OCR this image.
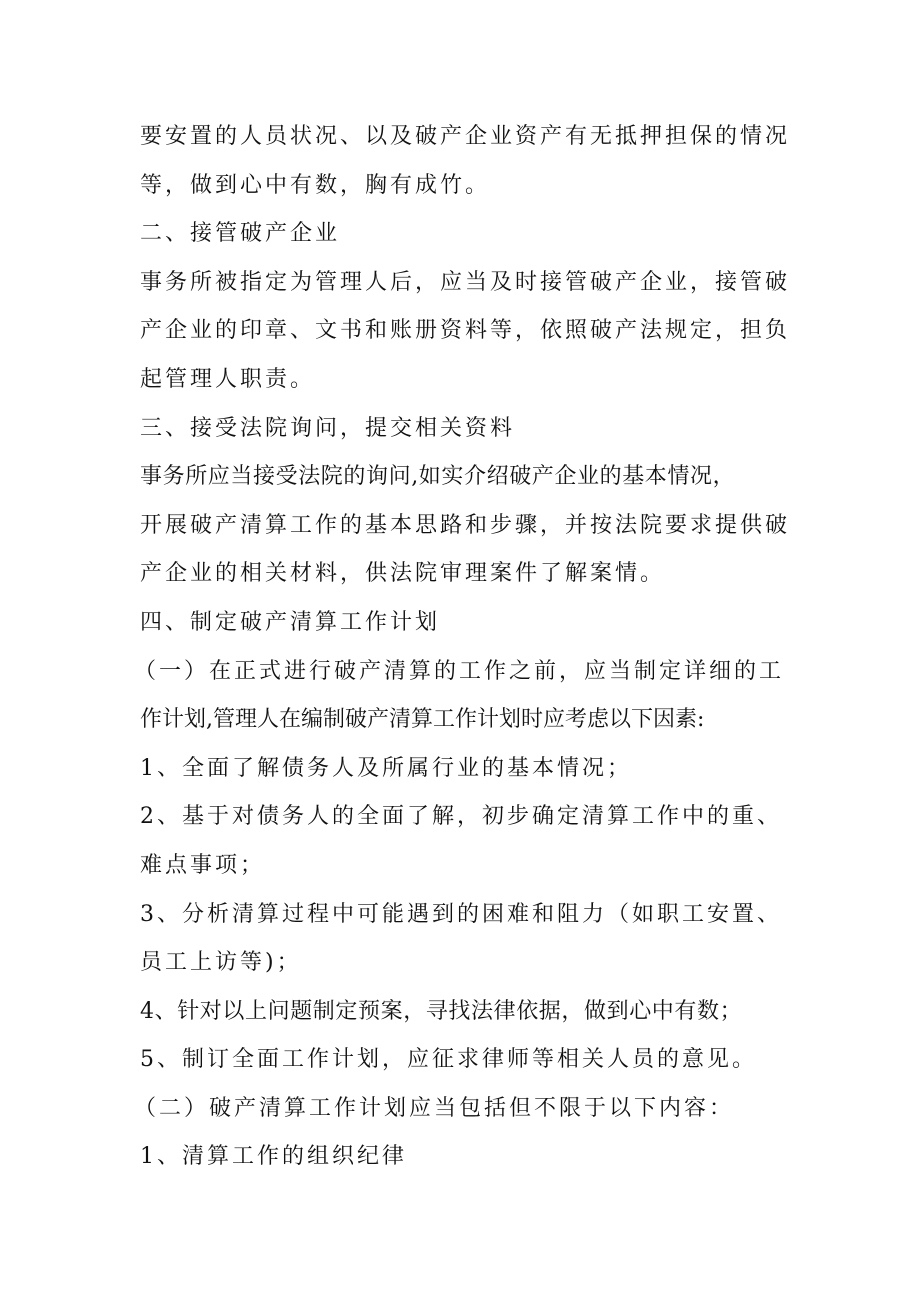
要安置的人员状况、以及破产企业资产有无抵押担保的情况
等，做到心中有数，胸有成竹。
二、接管破产企业
事务所被指定为管理人后，应当及时接管破产企业，接管破
产企业的印章、文书和账册资料等，依照破产法规定，担负
起管理人职责。
三、接受法院询问，提交相关资料
事务所应当接受法院的询问,如实介绍破产企业的基本情况，
开展破产清算工作的基本思路和步骤，并按法院要求提供破
产企业的相关材料，供法院审理案件了解案情。
四、制定破产清算工作计划
（一）在正式进行破产清算的工作之前，应当制定详细的工
作计划,管理人在编制破产清算工作计划时应考虑以下因素:
1、全面了解债务人及所属行业的基本情况；
2、基于对债务人的全面了解，初步确定清算工作中的重、
难点事项；
3、分析清算过程中可能遇到的困难和阻力（如职工安置、
员工上访等)；
4、针对以上问题制定预案，寻找法律依据，做到心中有数；
5、制订全面工作计划，应征求律师等相关人员的意见。
（二）破产清算工作计划应当包括但不限于以下内容：
1、清算工作的组织纪律
